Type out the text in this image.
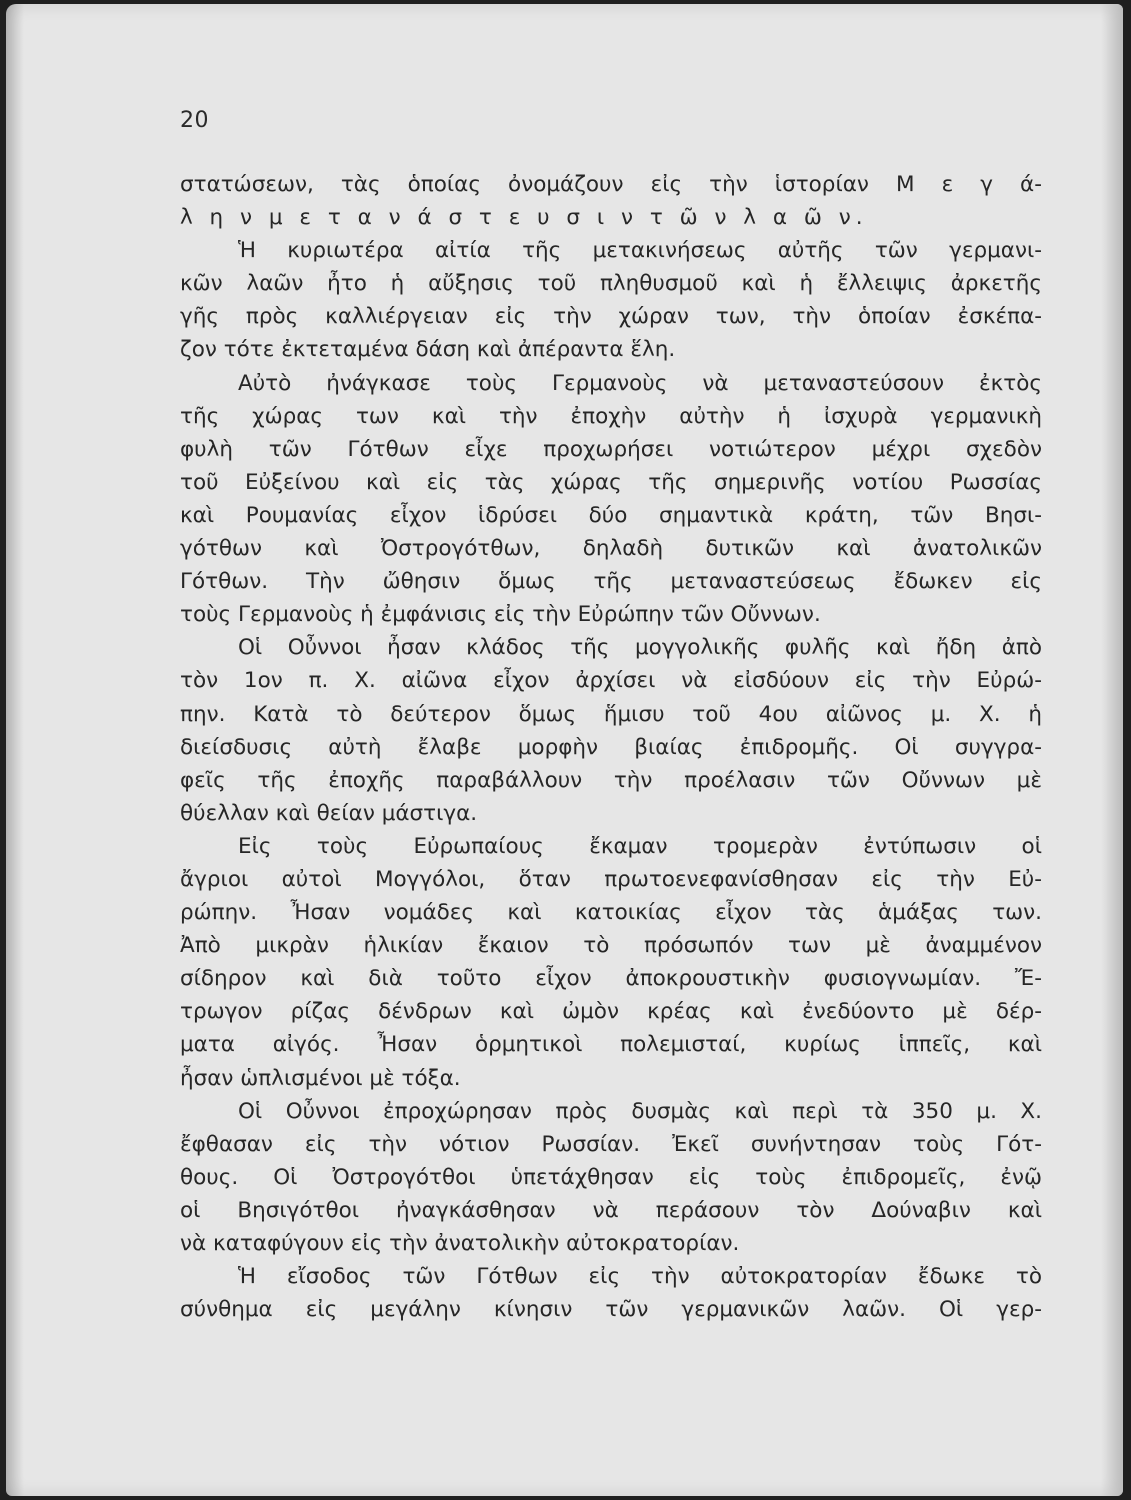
20
στατώσεων, τὰς ὁποίας ὀνομάζουν εἰς τὴν ἱστορίαν Μ ε γ ά-
λ η ν μ ε τ α ν ά σ τ ε υ σ ι ν τ ῶ ν λ α ῶ ν.
Ἡ κυριωτέρα αἰτία τῆς μετακινήσεως αὐτῆς τῶν γερμανι-
κῶν λαῶν ἦτο ἡ αὔξησις τοῦ πληθυσμοῦ καὶ ἡ ἔλλειψις ἀρκετῆς
γῆς πρὸς καλλιέργειαν εἰς τὴν χώραν των, τὴν ὁποίαν ἐσκέπα-
ζον τότε ἐκτεταμένα δάση καὶ ἀπέραντα ἕλη.
Αὐτὸ ἠνάγκασε τοὺς Γερμανοὺς νὰ μεταναστεύσουν ἐκτὸς
τῆς χώρας των καὶ τὴν ἐποχὴν αὐτὴν ἡ ἰσχυρὰ γερμανικὴ
φυλὴ τῶν Γότθων εἶχε προχωρήσει νοτιώτερον μέχρι σχεδὸν
τοῦ Εὐξείνου καὶ εἰς τὰς χώρας τῆς σημερινῆς νοτίου Ρωσσίας
καὶ Ρουμανίας εἶχον ἱδρύσει δύο σημαντικὰ κράτη, τῶν Βησι-
γότθων καὶ Ὀστρογότθων, δηλαδὴ δυτικῶν καὶ ἀνατολικῶν
Γότθων. Τὴν ὤθησιν ὅμως τῆς μεταναστεύσεως ἔδωκεν εἰς
τοὺς Γερμανοὺς ἡ ἐμφάνισις εἰς τὴν Εὐρώπην τῶν Οὔννων.
Οἱ Οὖννοι ἦσαν κλάδος τῆς μογγολικῆς φυλῆς καὶ ἤδη ἀπὸ
τὸν 1ον π. Χ. αἰῶνα εἶχον ἀρχίσει νὰ εἰσδύουν εἰς τὴν Εὐρώ-
πην. Κατὰ τὸ δεύτερον ὅμως ἥμισυ τοῦ 4ου αἰῶνος μ. Χ. ἡ
διείσδυσις αὐτὴ ἔλαβε μορφὴν βιαίας ἐπιδρομῆς. Οἱ συγγρα-
φεῖς τῆς ἐποχῆς παραβάλλουν τὴν προέλασιν τῶν Οὔννων μὲ
θύελλαν καὶ θείαν μάστιγα.
Εἰς τοὺς Εὐρωπαίους ἔκαμαν τρομερὰν ἐντύπωσιν οἱ
ἄγριοι αὐτοὶ Μογγόλοι, ὅταν πρωτοενεφανίσθησαν εἰς τὴν Εὐ-
ρώπην. Ἦσαν νομάδες καὶ κατοικίας εἶχον τὰς ἁμάξας των.
Ἀπὸ μικρὰν ἡλικίαν ἔκαιον τὸ πρόσωπόν των μὲ ἀναμμένον
σίδηρον καὶ διὰ τοῦτο εἶχον ἀποκρουστικὴν φυσιογνωμίαν. Ἔ-
τρωγον ρίζας δένδρων καὶ ὠμὸν κρέας καὶ ἐνεδύοντο μὲ δέρ-
ματα αἰγός. Ἦσαν ὁρμητικοὶ πολεμισταί, κυρίως ἱππεῖς, καὶ
ἦσαν ὡπλισμένοι μὲ τόξα.
Οἱ Οὖννοι ἐπροχώρησαν πρὸς δυσμὰς καὶ περὶ τὰ 350 μ. Χ.
ἔφθασαν εἰς τὴν νότιον Ρωσσίαν. Ἐκεῖ συνήντησαν τοὺς Γότ-
θους. Οἱ Ὀστρογότθοι ὑπετάχθησαν εἰς τοὺς ἐπιδρομεῖς, ἐνῷ
οἱ Βησιγότθοι ἠναγκάσθησαν νὰ περάσουν τὸν Δούναβιν καὶ
νὰ καταφύγουν εἰς τὴν ἀνατολικὴν αὐτοκρατορίαν.
Ἡ εἴσοδος τῶν Γότθων εἰς τὴν αὐτοκρατορίαν ἔδωκε τὸ
σύνθημα εἰς μεγάλην κίνησιν τῶν γερμανικῶν λαῶν. Οἱ γερ-
